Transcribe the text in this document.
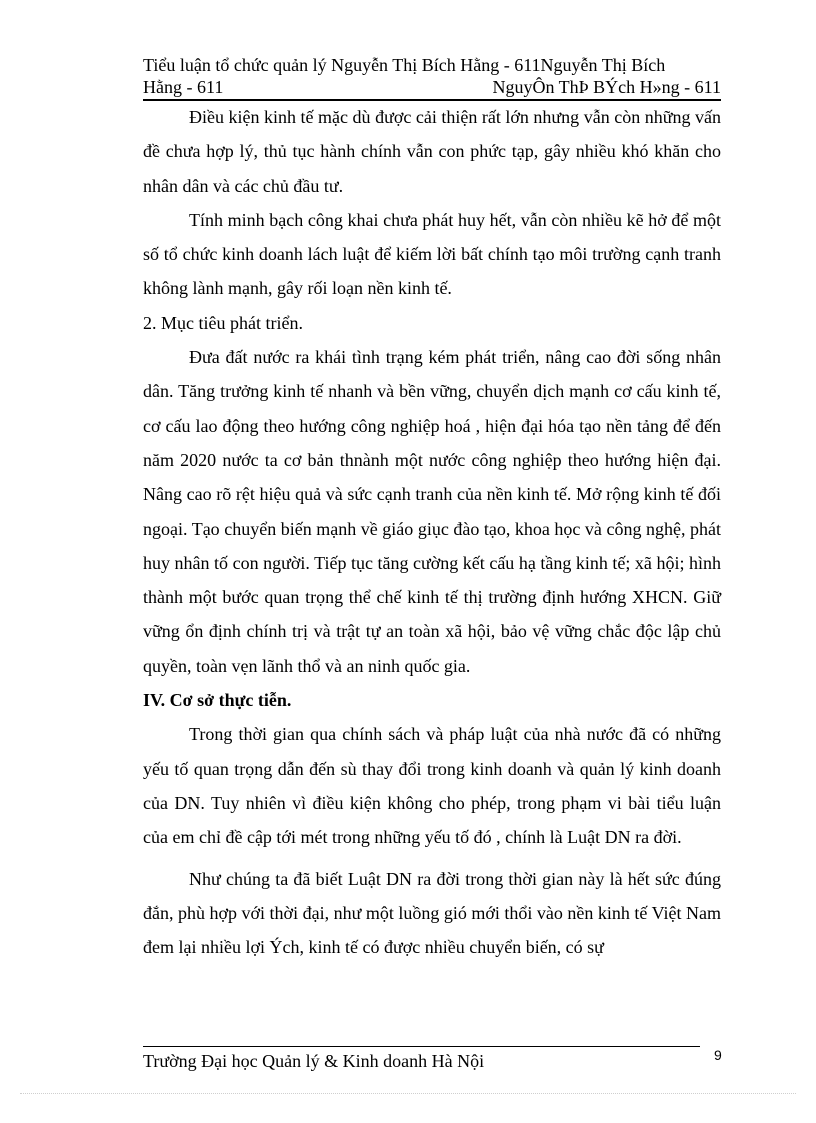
Tiểu luận tổ chức quản lý Nguyễn Thị Bích Hằng - 611Nguyễn Thị Bích
Hằng - 611	NguyÔn ThÞ BÝch H»ng - 611

Điều kiện kinh tế mặc dù được cải thiện rất lớn nhưng vẫn còn những vấn đề chưa hợp lý, thủ tục hành chính vẫn con phức tạp, gây nhiều khó khăn cho nhân dân và các chủ đầu tư.

Tính minh bạch công khai chưa phát huy hết, vẫn còn nhiều kẽ hở để một số tổ chức kinh doanh lách luật để kiếm lời bất chính tạo môi trường cạnh tranh không lành mạnh, gây rối loạn nền kinh tế.

2. Mục tiêu phát triển.

Đưa đất nước ra khái tình trạng kém phát triển, nâng cao đời sống nhân dân. Tăng trưởng kinh tế nhanh và bền vững, chuyển dịch mạnh cơ cấu kinh tế, cơ cấu lao động theo hướng công nghiệp hoá , hiện đại hóa tạo nền tảng để đến năm 2020 nước ta cơ bản thnành một nước công nghiệp theo hướng hiện đại. Nâng cao rõ rệt hiệu quả và sức cạnh tranh của nền kinh tế. Mở rộng kinh tế đối ngoại. Tạo chuyển biến mạnh về giáo giục đào tạo, khoa học và công nghệ, phát huy nhân tố con người. Tiếp tục tăng cường kết cấu hạ tầng kinh tế; xã hội; hình thành một bước quan trọng thể chế kinh tế thị trường định hướng XHCN. Giữ vững ổn định chính trị và trật tự an toàn xã hội, bảo vệ vững chắc độc lập chủ quyền, toàn vẹn lãnh thổ và an ninh quốc gia.

IV. Cơ sở thực tiễn.

Trong thời gian qua chính sách và pháp luật của nhà nước đã có những yếu tố quan trọng dẫn đến sù thay đổi trong kinh doanh và quản lý kinh doanh của DN. Tuy nhiên vì điều kiện không cho phép, trong phạm vi bài tiểu luận của em chỉ đề cập tới mét trong những yếu tố đó , chính là Luật DN ra đời.

Như chúng ta đã biết Luật DN ra đời trong thời gian này là hết sức đúng đắn, phù hợp với thời đại, như một luồng gió mới thổi vào nền kinh tế Việt Nam đem lại nhiều lợi Ých, kinh tế có được nhiều chuyển biến, có sự

Trường Đại học Quản lý & Kinh doanh Hà Nội	9
